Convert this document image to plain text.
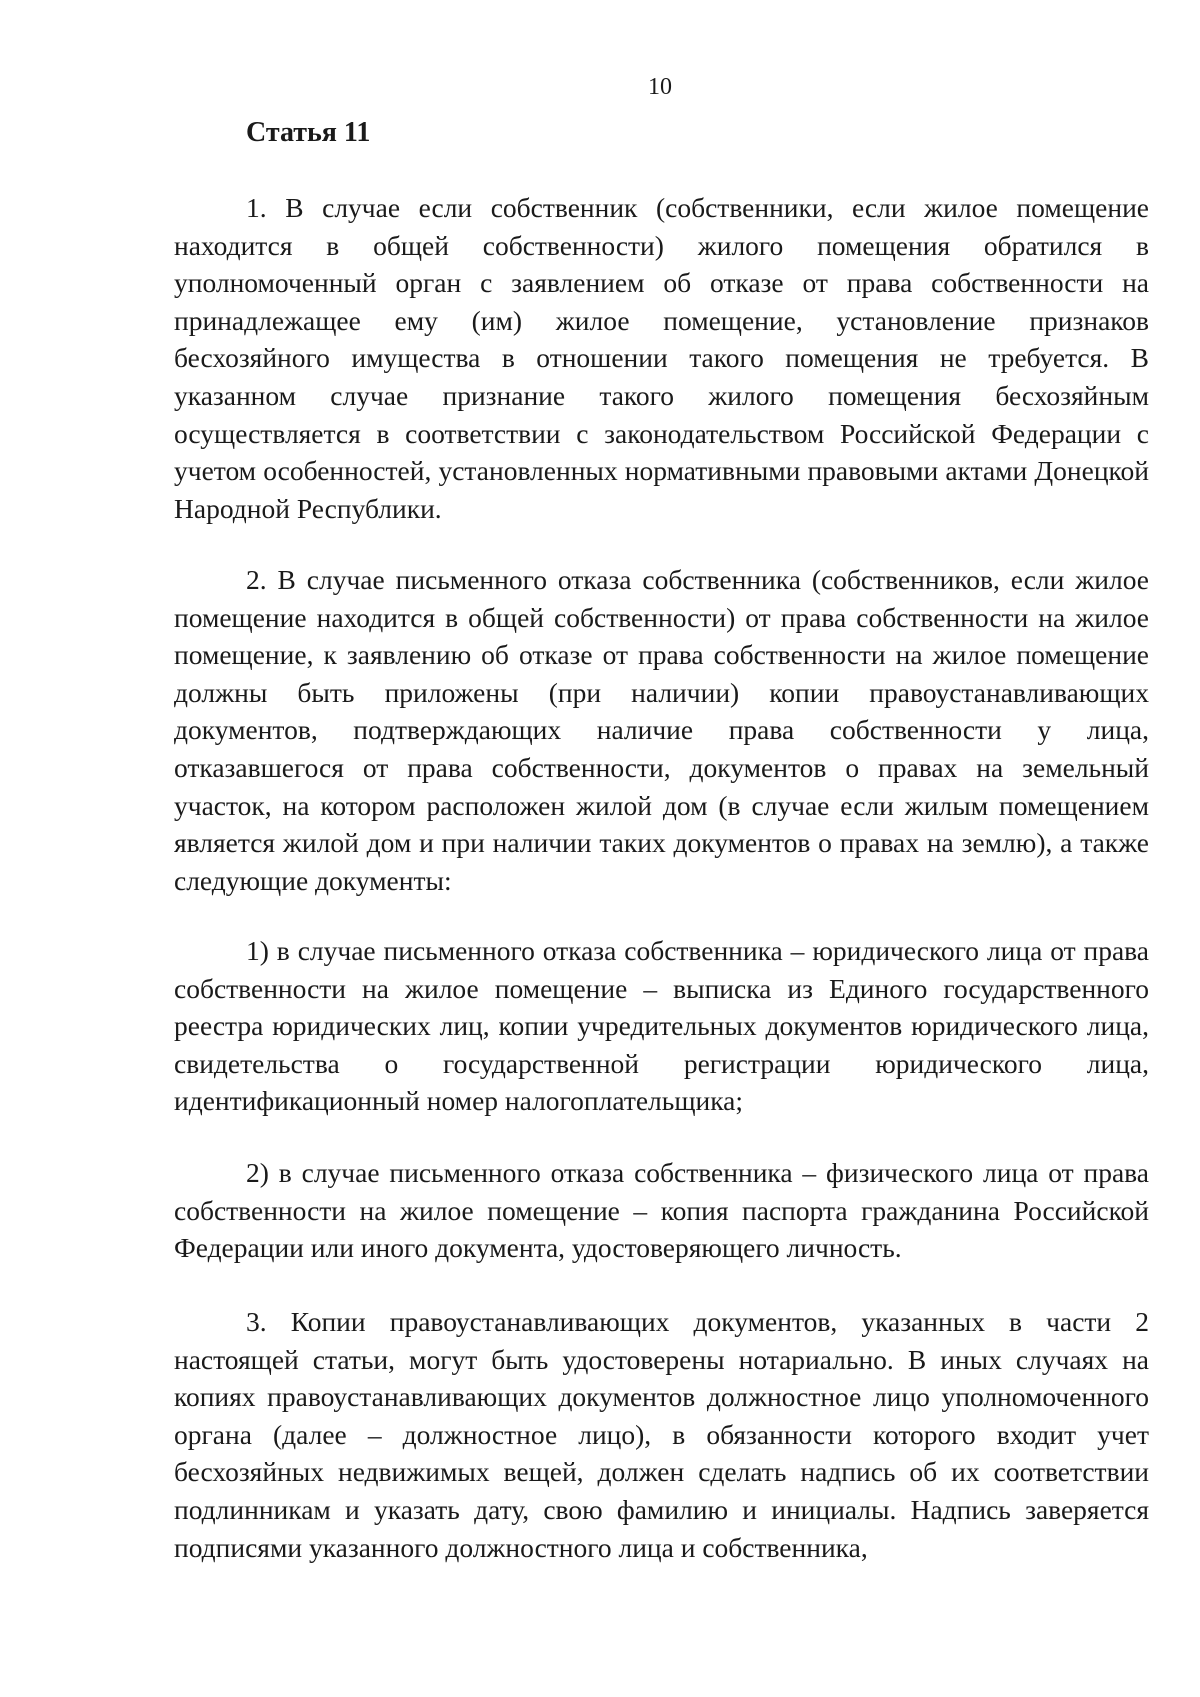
10
Статья 11

1. В случае если собственник (собственники, если жилое помещение находится в общей собственности) жилого помещения обратился в уполномоченный орган с заявлением об отказе от права собственности на принадлежащее ему (им) жилое помещение, установление признаков бесхозяйного имущества в отношении такого помещения не требуется. В указанном случае признание такого жилого помещения бесхозяйным осуществляется в соответствии с законодательством Российской Федерации с учетом особенностей, установленных нормативными правовыми актами Донецкой Народной Республики.

2. В случае письменного отказа собственника (собственников, если жилое помещение находится в общей собственности) от права собственности на жилое помещение, к заявлению об отказе от права собственности на жилое помещение должны быть приложены (при наличии) копии правоустанавливающих документов, подтверждающих наличие права собственности у лица, отказавшегося от права собственности, документов о правах на земельный участок, на котором расположен жилой дом (в случае если жилым помещением является жилой дом и при наличии таких документов о правах на землю), а также следующие документы:

1) в случае письменного отказа собственника – юридического лица от права собственности на жилое помещение – выписка из Единого государственного реестра юридических лиц, копии учредительных документов юридического лица, свидетельства о государственной регистрации юридического лица, идентификационный номер налогоплательщика;

2) в случае письменного отказа собственника – физического лица от права собственности на жилое помещение – копия паспорта гражданина Российской Федерации или иного документа, удостоверяющего личность.

3. Копии правоустанавливающих документов, указанных в части 2 настоящей статьи, могут быть удостоверены нотариально. В иных случаях на копиях правоустанавливающих документов должностное лицо уполномоченного органа (далее – должностное лицо), в обязанности которого входит учет бесхозяйных недвижимых вещей, должен сделать надпись об их соответствии подлинникам и указать дату, свою фамилию и инициалы. Надпись заверяется подписями указанного должностного лица и собственника,
